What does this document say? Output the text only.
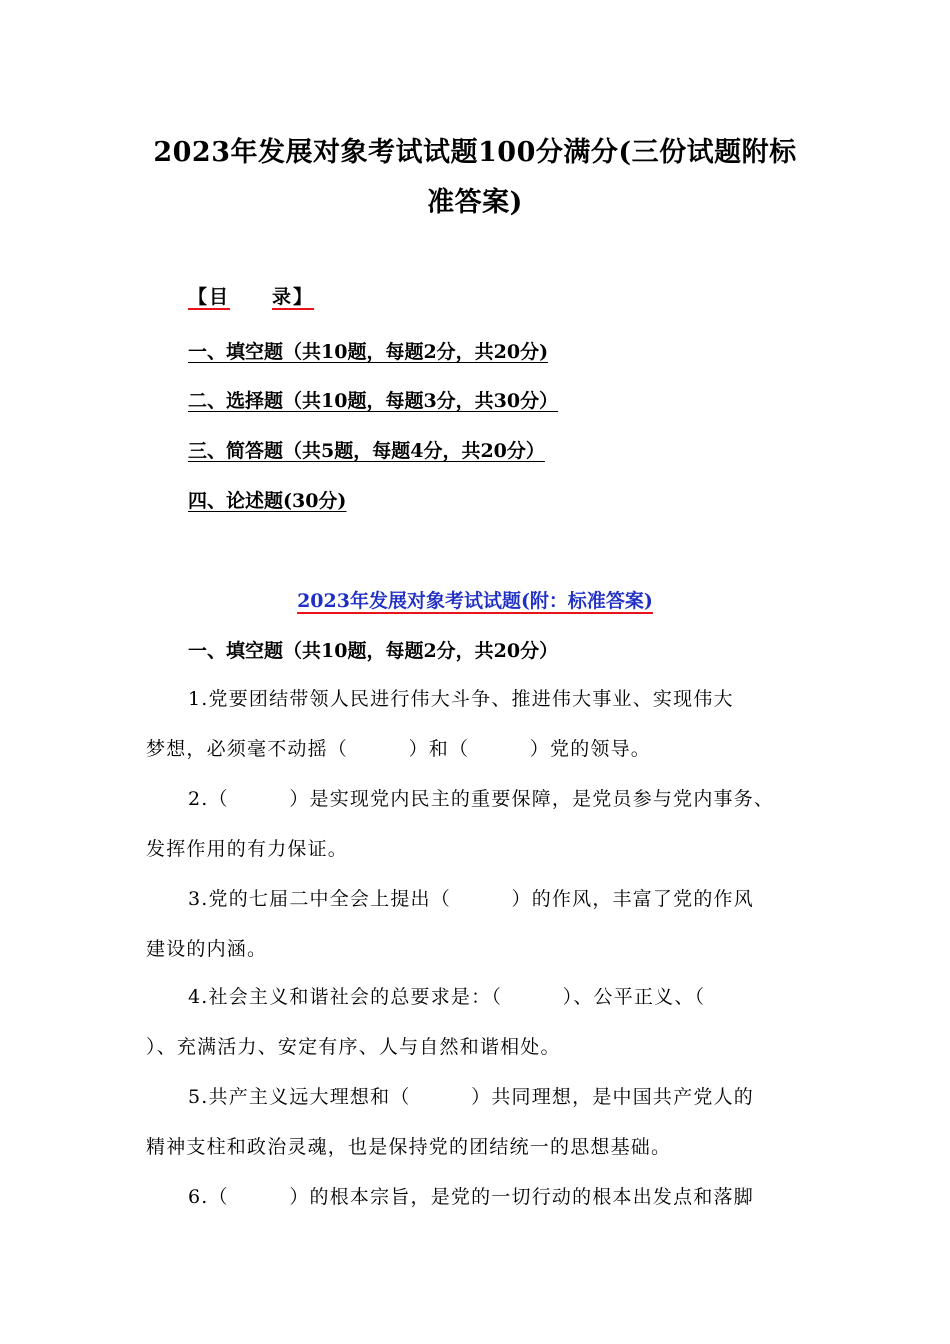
2023年发展对象考试试题100分满分(三份试题附标
准答案)
【目 录】
一、填空题（共10题，每题2分，共20分)
二、选择题（共10题，每题3分，共30分）
三、简答题（共5题，每题4分，共20分）
四、论述题(30分)
2023年发展对象考试试题(附：标准答案)
一、填空题（共10题，每题2分，共20分）
1.党要团结带领人民进行伟大斗争、推进伟大事业、实现伟大
梦想，必须毫不动摇（　　　）和（　　　）党的领导。
2.（　　　）是实现党内民主的重要保障，是党员参与党内事务、
发挥作用的有力保证。
3.党的七届二中全会上提出（　　　）的作风，丰富了党的作风
建设的内涵。
4.社会主义和谐社会的总要求是：（　　　）、公平正义、（
）、充满活力、安定有序、人与自然和谐相处。
5.共产主义远大理想和（　　　）共同理想，是中国共产党人的
精神支柱和政治灵魂，也是保持党的团结统一的思想基础。
6.（　　　）的根本宗旨，是党的一切行动的根本出发点和落脚
